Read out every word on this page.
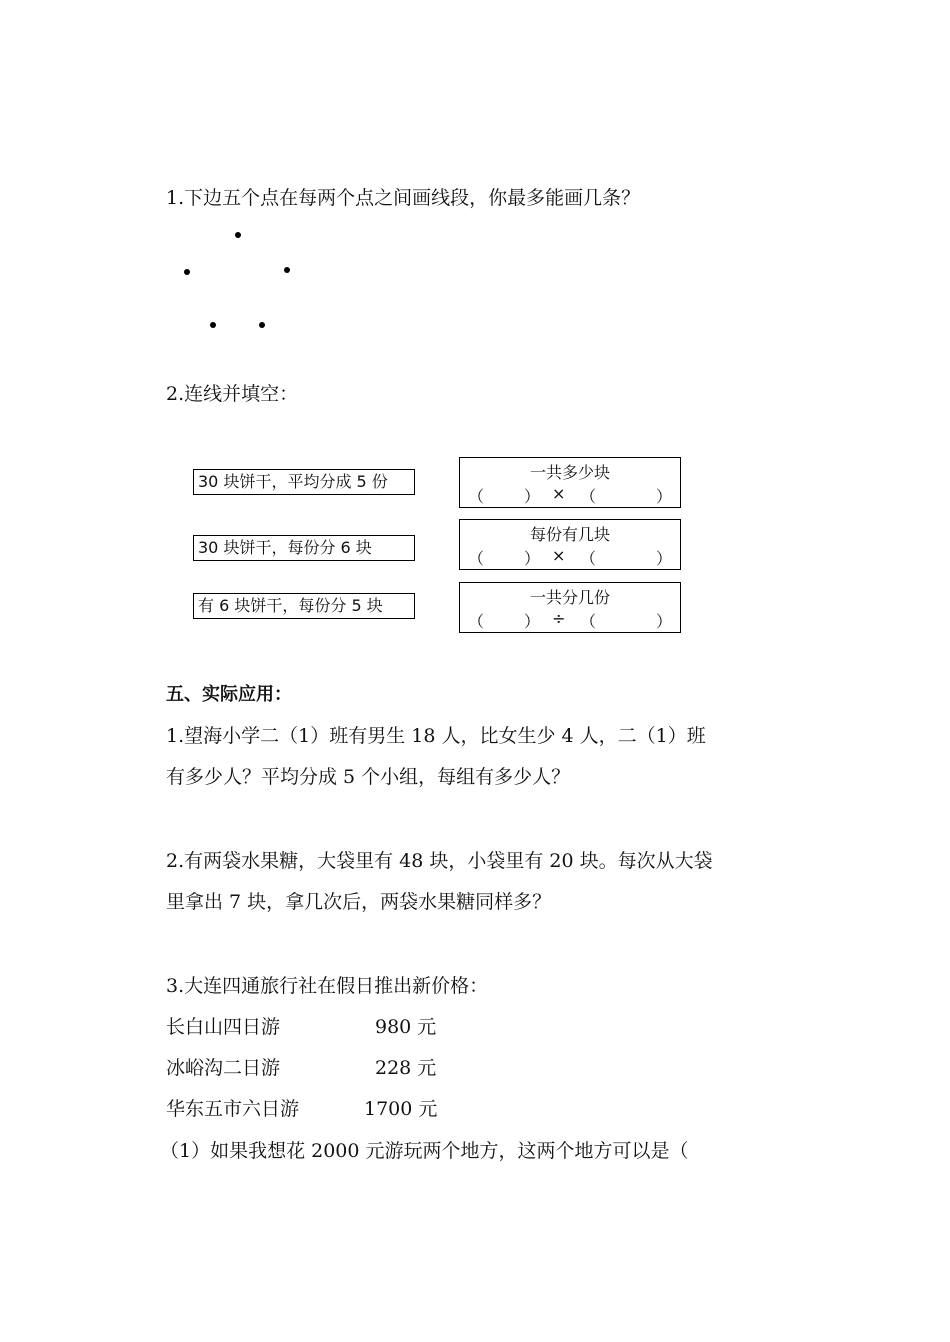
1.下边五个点在每两个点之间画线段，你最多能画几条？
2.连线并填空：
30 块饼干，平均分成 5 份
30 块饼干，每份分 6 块
有 6 块饼干，每份分 5 块
一共多少块
（ ） × （	）
每份有几块
（ ） × （	）
一共分几份
（ ） ÷ （	）
五、实际应用：
1.望海小学二（1）班有男生 18 人，比女生少 4 人，二（1）班
有多少人？平均分成 5 个小组，每组有多少人？
2.有两袋水果糖，大袋里有 48 块，小袋里有 20 块。每次从大袋
里拿出 7 块，拿几次后，两袋水果糖同样多？
3.大连四通旅行社在假日推出新价格：
长白山四日游	980 元
冰峪沟二日游	228 元
华东五市六日游	1700 元
（1）如果我想花 2000 元游玩两个地方，这两个地方可以是（
